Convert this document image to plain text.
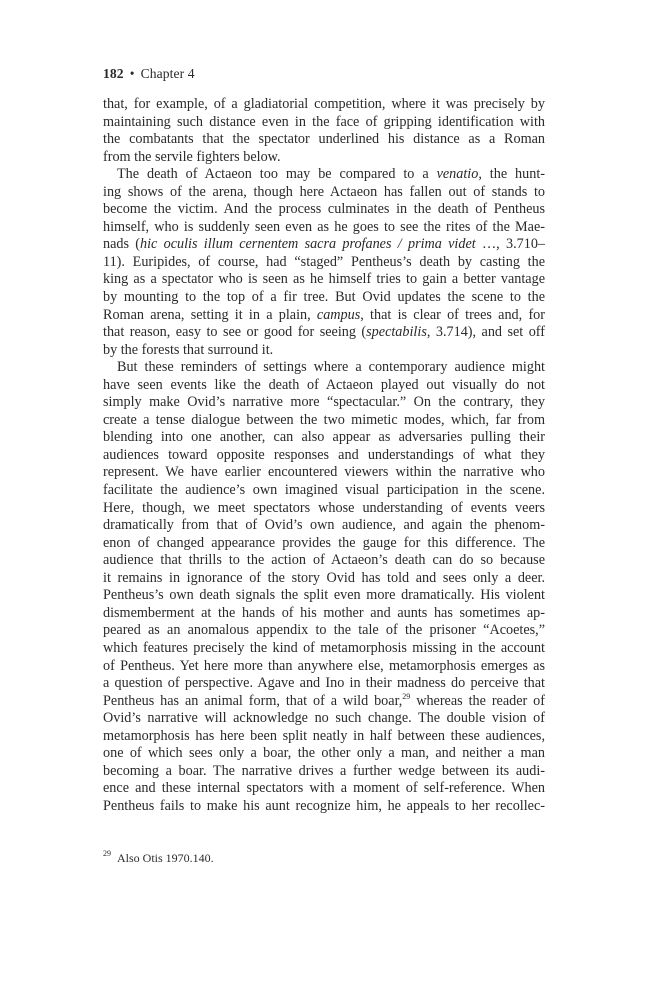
182 • Chapter 4
that, for example, of a gladiatorial competition, where it was precisely by
maintaining such distance even in the face of gripping identification with
the combatants that the spectator underlined his distance as a Roman
from the servile fighters below.
The death of Actaeon too may be compared to a venatio, the hunt-
ing shows of the arena, though here Actaeon has fallen out of stands to
become the victim. And the process culminates in the death of Pentheus
himself, who is suddenly seen even as he goes to see the rites of the Mae-
nads (hic oculis illum cernentem sacra profanes / prima videt …, 3.710–
11). Euripides, of course, had “staged” Pentheus’s death by casting the
king as a spectator who is seen as he himself tries to gain a better vantage
by mounting to the top of a fir tree. But Ovid updates the scene to the
Roman arena, setting it in a plain, campus, that is clear of trees and, for
that reason, easy to see or good for seeing (spectabilis, 3.714), and set off
by the forests that surround it.
But these reminders of settings where a contemporary audience might
have seen events like the death of Actaeon played out visually do not
simply make Ovid’s narrative more “spectacular.” On the contrary, they
create a tense dialogue between the two mimetic modes, which, far from
blending into one another, can also appear as adversaries pulling their
audiences toward opposite responses and understandings of what they
represent. We have earlier encountered viewers within the narrative who
facilitate the audience’s own imagined visual participation in the scene.
Here, though, we meet spectators whose understanding of events veers
dramatically from that of Ovid’s own audience, and again the phenom-
enon of changed appearance provides the gauge for this difference. The
audience that thrills to the action of Actaeon’s death can do so because
it remains in ignorance of the story Ovid has told and sees only a deer.
Pentheus’s own death signals the split even more dramatically. His violent
dismemberment at the hands of his mother and aunts has sometimes ap-
peared as an anomalous appendix to the tale of the prisoner “Acoetes,”
which features precisely the kind of metamorphosis missing in the account
of Pentheus. Yet here more than anywhere else, metamorphosis emerges as
a question of perspective. Agave and Ino in their madness do perceive that
Pentheus has an animal form, that of a wild boar,$^{29}$ whereas the reader of
Ovid’s narrative will acknowledge no such change. The double vision of
metamorphosis has here been split neatly in half between these audiences,
one of which sees only a boar, the other only a man, and neither a man
becoming a boar. The narrative drives a further wedge between its audi-
ence and these internal spectators with a moment of self-reference. When
Pentheus fails to make his aunt recognize him, he appeals to her recollec-
$^{29}$ Also Otis 1970.140.
